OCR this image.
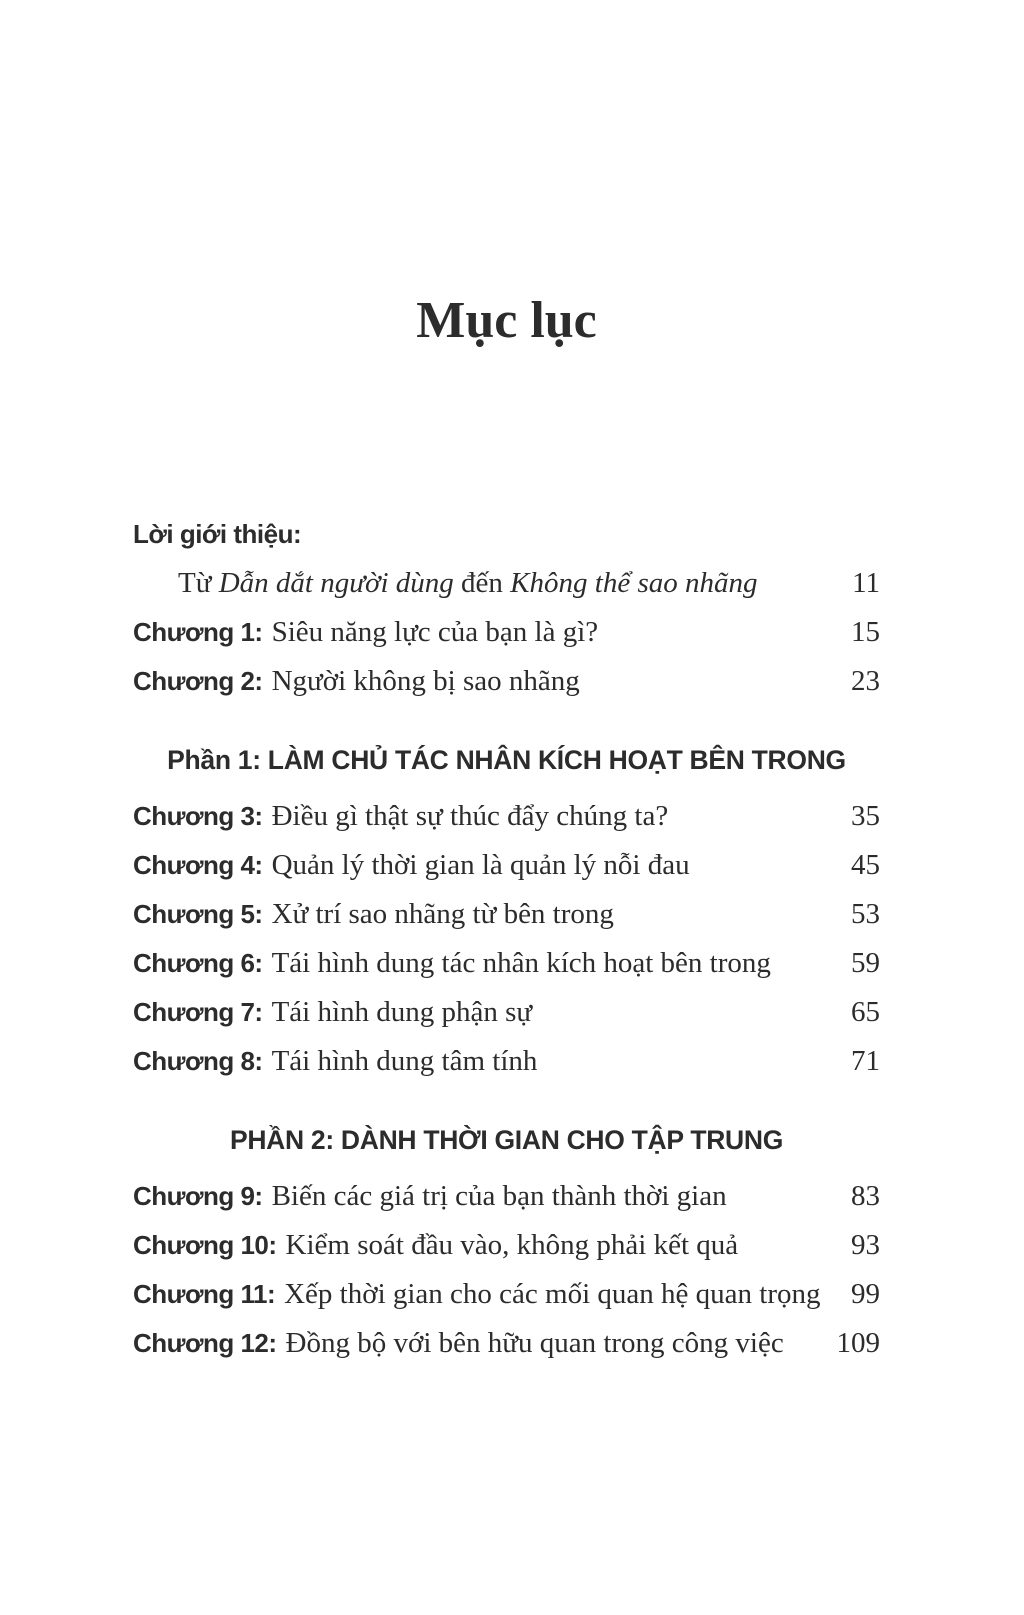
Mục lục
Lời giới thiệu:
Từ Dẫn dắt người dùng đến Không thể sao nhãng	11
Chương 1: Siêu năng lực của bạn là gì?	15
Chương 2: Người không bị sao nhãng	23
Phần 1: LÀM CHỦ TÁC NHÂN KÍCH HOẠT BÊN TRONG
Chương 3: Điều gì thật sự thúc đẩy chúng ta?	35
Chương 4: Quản lý thời gian là quản lý nỗi đau	45
Chương 5: Xử trí sao nhãng từ bên trong	53
Chương 6: Tái hình dung tác nhân kích hoạt bên trong	59
Chương 7: Tái hình dung phận sự	65
Chương 8: Tái hình dung tâm tính	71
PHẦN 2: DÀNH THỜI GIAN CHO TẬP TRUNG
Chương 9: Biến các giá trị của bạn thành thời gian	83
Chương 10: Kiểm soát đầu vào, không phải kết quả	93
Chương 11: Xếp thời gian cho các mối quan hệ quan trọng	99
Chương 12: Đồng bộ với bên hữu quan trong công việc	109
